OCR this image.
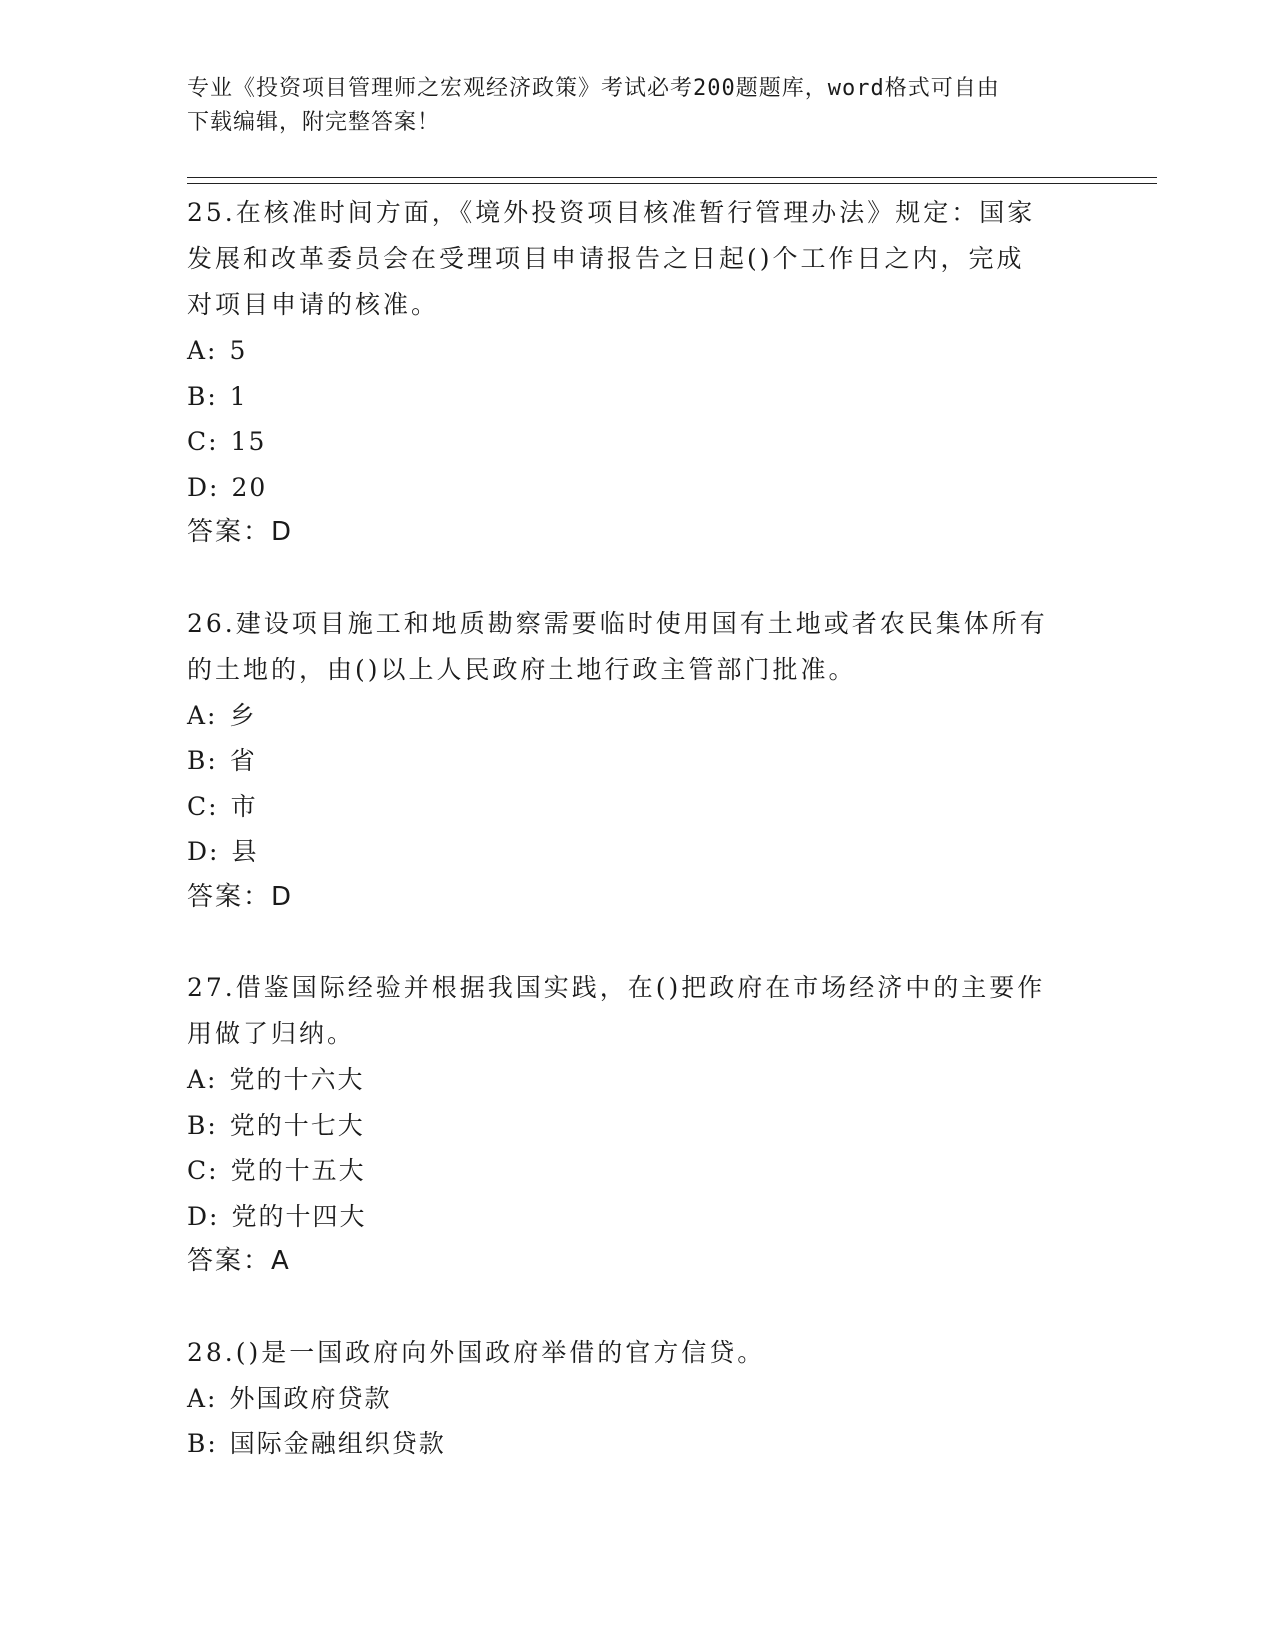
专业《投资项目管理师之宏观经济政策》考试必考200题题库，word格式可自由
下载编辑，附完整答案！
25.在核准时间方面，《境外投资项目核准暂行管理办法》规定：国家
发展和改革委员会在受理项目申请报告之日起()个工作日之内，完成
对项目申请的核准。
A: 5
B: 1
C: 15
D: 20
答案：D
26.建设项目施工和地质勘察需要临时使用国有土地或者农民集体所有
的土地的，由()以上人民政府土地行政主管部门批准。
A: 乡
B: 省
C: 市
D: 县
答案：D
27.借鉴国际经验并根据我国实践，在()把政府在市场经济中的主要作
用做了归纳。
A: 党的十六大
B: 党的十七大
C: 党的十五大
D: 党的十四大
答案：A
28.()是一国政府向外国政府举借的官方信贷。
A: 外国政府贷款
B: 国际金融组织贷款
